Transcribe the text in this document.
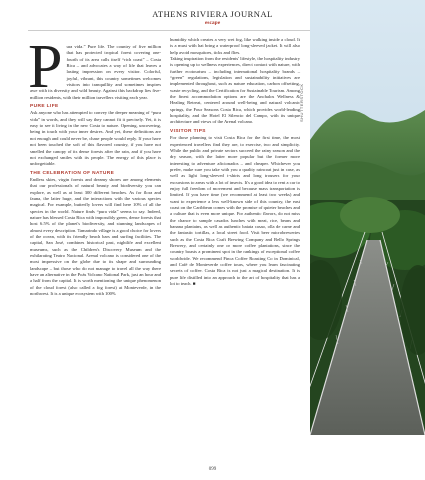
ATHENS RIVIERA JOURNAL
escape

Pura vida.” Pure life. The country of five million that has protected tropical forest covering one-fourth of its area calls itself “rich coast” – Costa Rica – and advocates a way of life that leaves a lasting impression on every visitor. Colorful, joyful, vibrant, this country sometimes welcomes visitors into tranquillity and sometimes inspires awe with its diversity and wild beauty. Against this backdrop lies five-million residents, with their million travellers visiting each year.

PURE LIFE

Ask anyone who has attempted to convey the deeper meaning of “pura vida” in words, and they will say they cannot fit it precisely. Yet, it is easy to see it living in the new Costa to nature. Opening, uncovering, being in touch with your inner desires. And yet, these definitions are not enough and could never be, chase people would reply. If your have not been touched the soft of this flavored country, if you have not smelled the canopy of its dense forests after the rain, and if you have not exchanged smiles with its people. The energy of this place is unforgettable.

THE CELEBRATION OF NATURE

Endless skies, virgin forests and dreamy shores are among elements that our professionals of natural beauty and biodiversity you can explore, as well as at least 300 different beaches. As for flora and fauna, the latter huge, and the interactions with the various species magical. For example, butterfly lovers will find here 10% of all the species in the world. Nature finds “pura vida” seems to say. Indeed, nature has blessed Costa Rica with impossibly green, dense forests that host 6.5% of the planet's biodiversity, and stunning landscapes of almost every description. Tamarindo village is a good choice for lovers of the ocean, with its friendly beach bars and surfing facilities. The capital, San José, combines historical past, nightlife and excellent museums, such as the Children's Discovery Museum and the exhilarating Teatro Nacional. Arenal volcano is considered one of the most impressive on the globe due to its shape and surrounding landscape – but those who do not manage to travel all the way there have an alternative in the Poás Volcano National Park, just an hour and a half from the capital. It is worth mentioning the unique phenomenon of the cloud forest (also called a fog forest) at Monteverde, in the northwest. It is a unique ecosystem with 100%

humidity which creates a very wet fog, like walking inside a cloud. It is a must with hat bring a waterproof long-sleeved jacket. It will also help avoid mosquitoes, ticks and flies.

Taking inspiration from the residents' lifestyle, the hospitality industry is opening up to wellness experiences, direct contact with nature, with further ecotourism – including international hospitality brands – “green” regulations, legislation and sustainability initiatives are implemented throughout, such as nature education, carbon offsetting, waste recycling, and the Certification for Sustainable Tourism. Among the finest accommodation options are the Anchalos Wellness & Healing Retreat, centered around well-being and natural volcanic springs, the Four Seasons Costa Rica, which provides world-leading hospitality, and the Hotel El Silencio del Campo, with its unique architecture and views of the Arenal volcano.

VISITOR TIPS

For those planning to visit Costa Rica for the first time, the most experienced travellers find they are, to exercise, two and simplicity. While the public and private sectors succeed the rainy season and the dry season, with the latter more popular but the former more interesting to adventure aficionados – and cheaper. Whichever you prefer, make sure you take with you a quality raincoat just in case, as well as light long-sleeved t-shirts and long trousers for your excursions to areas with a lot of insects. It's a good idea to rent a car to enjoy full freedom of movement and because mass transportation is limited. If you have time (we recommend at least two weeks) and want to experience a less well-known side of this country, the east coast on the Caribbean comes with the promise of quieter beaches and a culture that is even more unique. For authentic flavors, do not miss the chance to sample casados lunches with meat, rice, beans and banana plantains, as well as authentic batata casao, olla de carne and the fantastic tortillas, a local street food. Visit beer microbreweries such as the Costa Rica Craft Brewing Company and Bello Springs Brewery, and certainly one or more coffee plantations, since the country boasts a prominent spot in the rankings of exceptional coffee worldwide. We recommend Finca Coffee Roasting Co in Dominical, and Café de Monteverde coffee tours, where you learn fascinating secrets of coffee. Costa Rica is not just a magical destination. It is pure life distilled into an approach to the art of hospitality that has a lot to teach. ■

SHUTTERSTOCK
099
